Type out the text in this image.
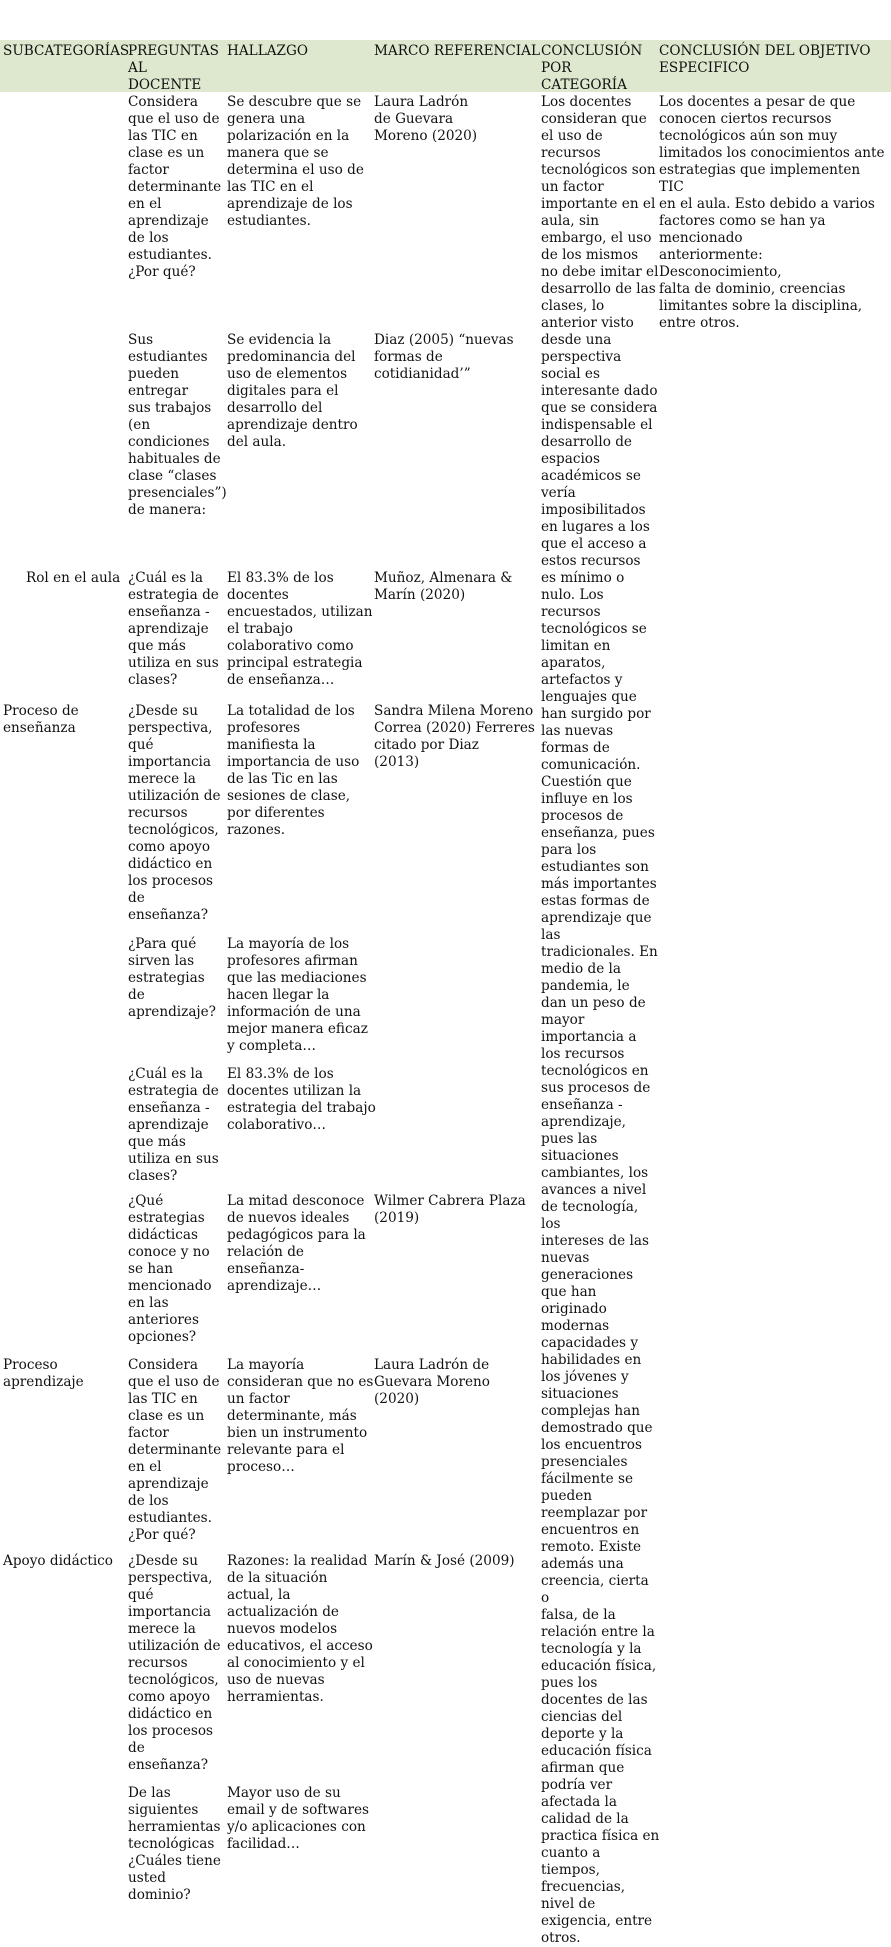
SUBCATEGORÍAS
PREGUNTAS
AL
DOCENTE
HALLAZGO	MARCO REFERENCIAL CONCLUSIÓN
POR
CATEGORÍA
CONCLUSIÓN DEL OBJETIVO
ESPECIFICO
Rol en el aula
Proceso de
enseñanza
Proceso
aprendizaje
Apoyo didáctico
Considera
que el uso de
las TIC en
clase es un
factor
determinante
en el
aprendizaje
de los
estudiantes.
¿Por qué?
Se descubre que se
genera una
polarización en la
manera que se
determina el uso de
las TIC en el
aprendizaje de los
estudiantes.
Laura Ladrón
de Guevara
Moreno (2020)
Sus
estudiantes
pueden
entregar
sus trabajos
(en
condiciones
habituales de
clase “clases
presenciales”)
de manera:
Se evidencia la
predominancia del
uso de elementos
digitales para el
desarrollo del
aprendizaje dentro
del aula.
Diaz (2005) “nuevas
formas de
cotidianidad’”
¿Cuál es la
estrategia de
enseñanza -
aprendizaje
que más
utiliza en sus
clases?
El 83.3% de los
docentes
encuestados, utilizan
el trabajo
colaborativo como
principal estrategia
de enseñanza…
Muñoz, Almenara &
Marín (2020)
¿Desde su
perspectiva,
qué
importancia
merece la
utilización de
recursos
tecnológicos,
como apoyo
didáctico en
los procesos
de
enseñanza?
La totalidad de los
profesores
manifiesta la
importancia de uso
de las Tic en las
sesiones de clase,
por diferentes
razones.
Sandra Milena Moreno
Correa (2020) Ferreres
citado por Diaz
(2013)
¿Para qué
sirven las
estrategias de
aprendizaje?
La mayoría de los
profesores afirman
que las mediaciones
hacen llegar la
información de una
mejor manera eficaz
y completa…
¿Cuál es la
estrategia de
enseñanza -
aprendizaje
que más
utiliza en sus
clases?
El 83.3% de los
docentes utilizan la
estrategia del trabajo
colaborativo…
¿Qué
estrategias
didácticas
conoce y no
se han
mencionado
en las
anteriores
opciones?
La mitad desconoce
de nuevos ideales
pedagógicos para la
relación de
enseñanza-
aprendizaje…
Wilmer Cabrera Plaza
(2019)
Considera
que el uso de
las TIC en
clase es un
factor
determinante
en el
aprendizaje
de los
estudiantes.
¿Por qué?
La mayoría
consideran que no es
un factor
determinante, más
bien un instrumento
relevante para el
proceso…
Laura Ladrón de
Guevara Moreno
(2020)
¿Desde su
perspectiva,
qué
importancia
merece la
utilización de
recursos
tecnológicos,
como apoyo
didáctico en
los procesos
de
enseñanza?
Razones: la realidad
de la situación
actual, la
actualización de
nuevos modelos
educativos, el acceso
al conocimiento y el
uso de nuevas
herramientas.
Marín & José (2009)
De las
siguientes
herramientas
tecnológicas
¿Cuáles tiene
usted
dominio?
Mayor uso de su
email y de softwares
y/o aplicaciones con
facilidad…
Los docentes
consideran que
el uso de
recursos
tecnológicos son
un factor
importante en el
aula, sin
embargo, el uso
de los mismos
no debe imitar el
desarrollo de las
clases, lo
anterior visto
desde una
perspectiva
social es
interesante dado
que se considera
indispensable el
desarrollo de
espacios
académicos se
vería
imposibilitados
en lugares a los
que el acceso a
estos recursos
es mínimo o
nulo. Los
recursos
tecnológicos se
limitan en
aparatos,
artefactos y
lenguajes que
han surgido por
las nuevas
formas de
comunicación.
Cuestión que
influye en los
procesos de
enseñanza, pues
para los
estudiantes son
más importantes
estas formas de
aprendizaje que
las
tradicionales. En
medio de la
pandemia, le
dan un peso de
mayor
importancia a
los recursos
tecnológicos en
sus procesos de
enseñanza -
aprendizaje,
pues las
situaciones
cambiantes, los
avances a nivel
de tecnología, los
intereses de las
nuevas
generaciones
que han
originado
modernas
capacidades y
habilidades en
los jóvenes y
situaciones
complejas han
demostrado que
los encuentros
presenciales
fácilmente se
pueden
reemplazar por
encuentros en
remoto. Existe
además una
creencia, cierta o
falsa, de la
relación entre la
tecnología y la
educación física,
pues los
docentes de las
ciencias del
deporte y la
educación física
afirman que
podría ver
afectada la
calidad de la
practica física en
cuanto a
tiempos,
frecuencias,
nivel de
exigencia, entre
otros.
Los docentes a pesar de que
conocen ciertos recursos
tecnológicos aún son muy
limitados los conocimientos ante
estrategias que implementen TIC
en el aula. Esto debido a varios
factores como se han ya
mencionado
anteriormente: Desconocimiento,
falta de dominio, creencias
limitantes sobre la disciplina,
entre otros.
